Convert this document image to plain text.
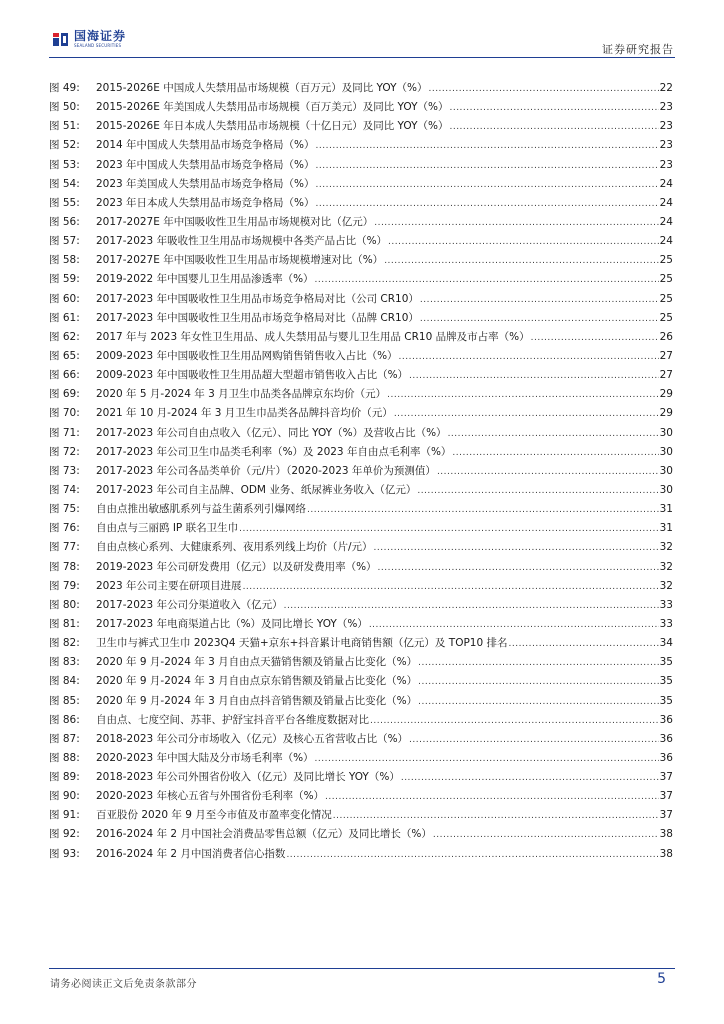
国海证券
SEALAND SECURITIES	证券研究报告
图 49:	2015-2026E 中国成人失禁用品市场规模（百万元）及同比 YOY（%） .....	22
图 50:	2015-2026E 年美国成人失禁用品市场规模（百万美元）及同比 YOY（%） .....	23
图 51:	2015-2026E 年日本成人失禁用品市场规模（十亿日元）及同比 YOY（%） .....	23
图 52:	2014 年中国成人失禁用品市场竞争格局（%） .....	23
图 53:	2023 年中国成人失禁用品市场竞争格局（%） .....	23
图 54:	2023 年美国成人失禁用品市场竞争格局（%） .....	24
图 55:	2023 年日本成人失禁用品市场竞争格局（%） .....	24
图 56:	2017-2027E 年中国吸收性卫生用品市场规模对比（亿元） .....	24
图 57:	2017-2023 年吸收性卫生用品市场规模中各类产品占比（%） .....	24
图 58:	2017-2027E 年中国吸收性卫生用品市场规模增速对比（%） .....	25
图 59:	2019-2022 年中国婴儿卫生用品渗透率（%） .....	25
图 60:	2017-2023 年中国吸收性卫生用品市场竞争格局对比（公司 CR10） .....	25
图 61:	2017-2023 年中国吸收性卫生用品市场竞争格局对比（品牌 CR10） .....	25
图 62:	2017 年与 2023 年女性卫生用品、成人失禁用品与婴儿卫生用品 CR10 品牌及市占率（%） .....	26
图 65:	2009-2023 年中国吸收性卫生用品网购销售销售收入占比（%） .....	27
图 66:	2009-2023 年中国吸收性卫生用品超大型超市销售收入占比（%） .....	27
图 69:	2020 年 5 月-2024 年 3 月卫生巾品类各品牌京东均价（元） .....	29
图 70:	2021 年 10 月-2024 年 3 月卫生巾品类各品牌抖音均价（元） .....	29
图 71:	2017-2023 年公司自由点收入（亿元）、同比 YOY（%）及营收占比（%） .....	30
图 72:	2017-2023 年公司卫生巾品类毛利率（%）及 2023 年自由点毛利率（%） .....	30
图 73:	2017-2023 年公司各品类单价（元/片）（2020-2023 年单价为预测值） .....	30
图 74:	2017-2023 年公司自主品牌、ODM 业务、纸尿裤业务收入（亿元） .....	30
图 75:	自由点推出敏感肌系列与益生菌系列引爆网络 .....	31
图 76:	自由点与三丽鸥 IP 联名卫生巾 .....	31
图 77:	自由点核心系列、大健康系列、夜用系列线上均价（片/元） .....	32
图 78:	2019-2023 年公司研发费用（亿元）以及研发费用率（%） .....	32
图 79:	2023 年公司主要在研项目进展 .....	32
图 80:	2017-2023 年公司分渠道收入（亿元） .....	33
图 81:	2017-2023 年电商渠道占比（%）及同比增长 YOY（%） .....	33
图 82:	卫生巾与裤式卫生巾 2023Q4 天猫+京东+抖音累计电商销售额（亿元）及 TOP10 排名 .....	34
图 83:	2020 年 9 月-2024 年 3 月自由点天猫销售额及销量占比变化（%） .....	35
图 84:	2020 年 9 月-2024 年 3 月自由点京东销售额及销量占比变化（%） .....	35
图 85:	2020 年 9 月-2024 年 3 月自由点抖音销售额及销量占比变化（%） .....	35
图 86:	自由点、七度空间、苏菲、护舒宝抖音平台各维度数据对比 .....	36
图 87:	2018-2023 年公司分市场收入（亿元）及核心五省营收占比（%） .....	36
图 88:	2020-2023 年中国大陆及分市场毛利率（%） .....	36
图 89:	2018-2023 年公司外围省份收入（亿元）及同比增长 YOY（%） .....	37
图 90:	2020-2023 年核心五省与外围省份毛利率（%） .....	37
图 91:	百亚股份 2020 年 9 月至今市值及市盈率变化情况 .....	37
图 92:	2016-2024 年 2 月中国社会消费品零售总额（亿元）及同比增长（%） .....	38
图 93:	2016-2024 年 2 月中国消费者信心指数 .....	38
请务必阅读正文后免责条款部分	5
